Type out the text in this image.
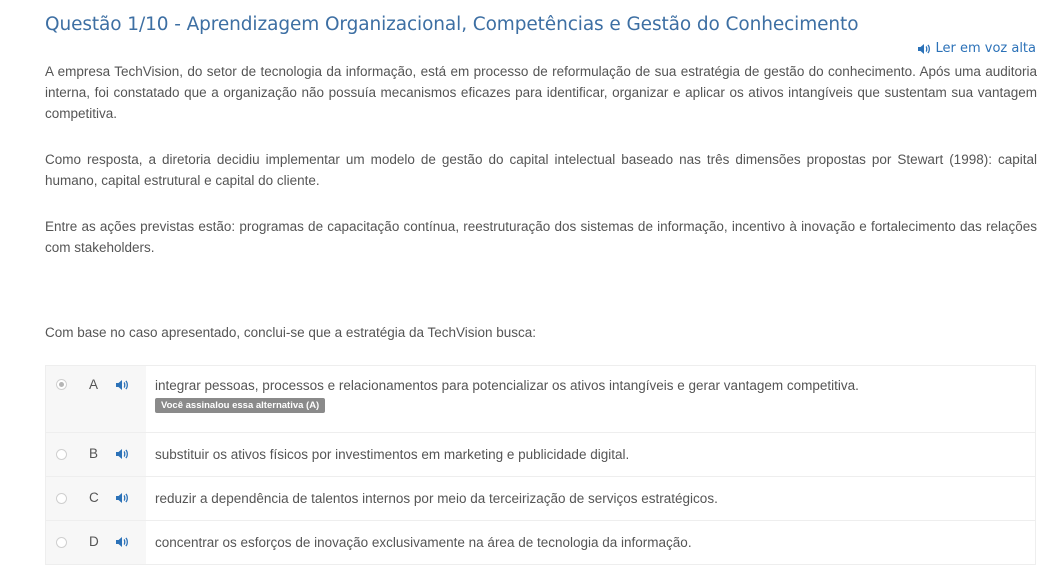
Questão 1/10 - Aprendizagem Organizacional, Competências e Gestão do Conhecimento
Ler em voz alta

A empresa TechVision, do setor de tecnologia da informação, está em processo de reformulação de sua estratégia de gestão do conhecimento. Após uma auditoria interna, foi constatado que a organização não possuía mecanismos eficazes para identificar, organizar e aplicar os ativos intangíveis que sustentam sua vantagem competitiva.

Como resposta, a diretoria decidiu implementar um modelo de gestão do capital intelectual baseado nas três dimensões propostas por Stewart (1998): capital humano, capital estrutural e capital do cliente.

Entre as ações previstas estão: programas de capacitação contínua, reestruturação dos sistemas de informação, incentivo à inovação e fortalecimento das relações com stakeholders.

Com base no caso apresentado, conclui-se que a estratégia da TechVision busca:
A	integrar pessoas, processos e relacionamentos para potencializar os ativos intangíveis e gerar vantagem competitiva.
Você assinalou essa alternativa (A)
B	substituir os ativos físicos por investimentos em marketing e publicidade digital.
C	reduzir a dependência de talentos internos por meio da terceirização de serviços estratégicos.
D	concentrar os esforços de inovação exclusivamente na área de tecnologia da informação.
